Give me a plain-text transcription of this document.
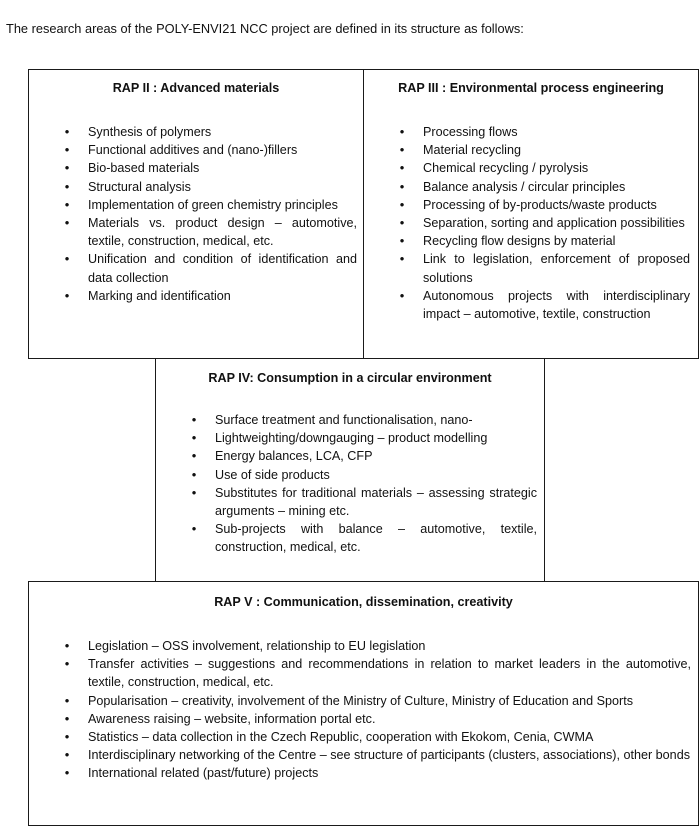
The research areas of the POLY-ENVI21 NCC project are defined in its structure as follows:
RAP II : Advanced materials
• Synthesis of polymers
• Functional additives and (nano-)fillers
• Bio-based materials
• Structural analysis
• Implementation of green chemistry principles
• Materials vs. product design – automotive, textile, construction, medical, etc.
• Unification and condition of identification and data collection
• Marking and identification
RAP III : Environmental process engineering
• Processing flows
• Material recycling
• Chemical recycling / pyrolysis
• Balance analysis / circular principles
• Processing of by-products/waste products
• Separation, sorting and application possibilities
• Recycling flow designs by material
• Link to legislation, enforcement of proposed solutions
• Autonomous projects with interdisciplinary impact – automotive, textile, construction
RAP IV: Consumption in a circular environment
• Surface treatment and functionalisation, nano-
• Lightweighting/downgauging – product modelling
• Energy balances, LCA, CFP
• Use of side products
• Substitutes for traditional materials – assessing strategic arguments – mining etc.
• Sub-projects with balance – automotive, textile, construction, medical, etc.
RAP V : Communication, dissemination, creativity
• Legislation – OSS involvement, relationship to EU legislation
• Transfer activities – suggestions and recommendations in relation to market leaders in the automotive, textile, construction, medical, etc.
• Popularisation – creativity, involvement of the Ministry of Culture, Ministry of Education and Sports
• Awareness raising – website, information portal etc.
• Statistics – data collection in the Czech Republic, cooperation with Ekokom, Cenia, CWMA
• Interdisciplinary networking of the Centre – see structure of participants (clusters, associations), other bonds
• International related (past/future) projects
